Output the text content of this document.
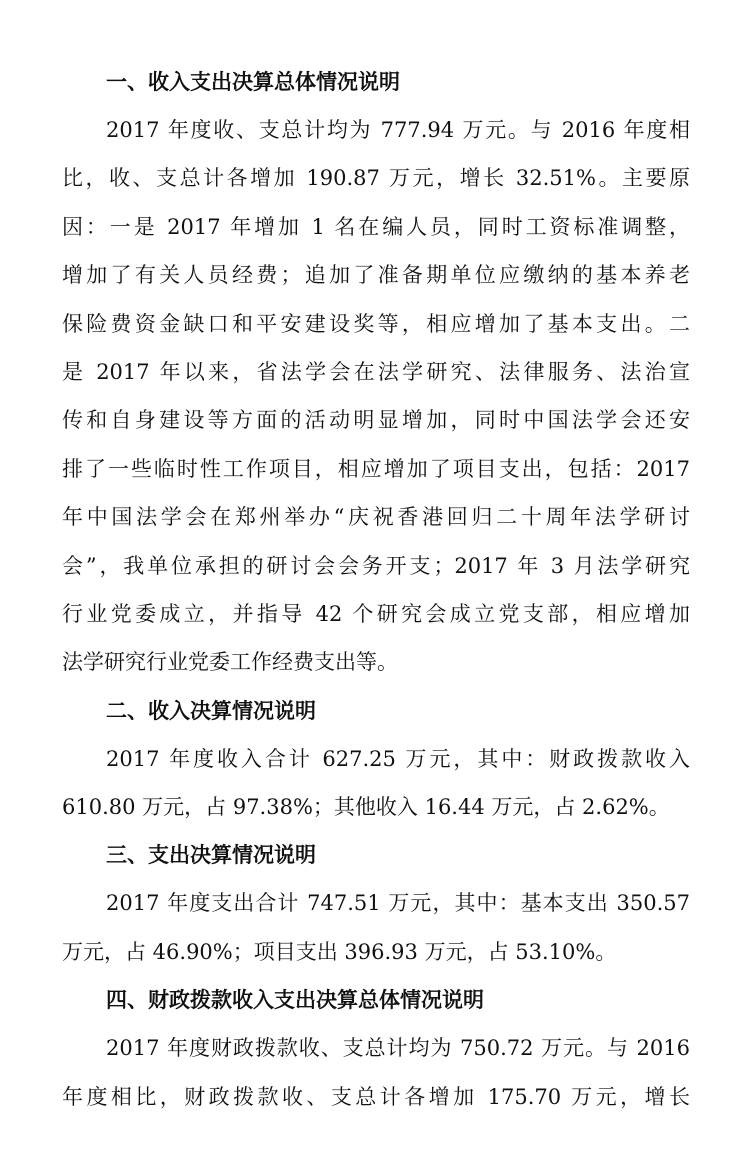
一、收入支出决算总体情况说明
2017 年度收、支总计均为 777.94 万元。与 2016 年度相
比，收、支总计各增加 190.87 万元，增长 32.51%。主要原
因：一是 2017 年增加 1 名在编人员，同时工资标准调整，
增加了有关人员经费；追加了准备期单位应缴纳的基本养老
保险费资金缺口和平安建设奖等，相应增加了基本支出。二
是 2017 年以来，省法学会在法学研究、法律服务、法治宣
传和自身建设等方面的活动明显增加，同时中国法学会还安
排了一些临时性工作项目，相应增加了项目支出，包括：2017
年中国法学会在郑州举办“庆祝香港回归二十周年法学研讨
会”，我单位承担的研讨会会务开支；2017 年 3 月法学研究
行业党委成立，并指导 42 个研究会成立党支部，相应增加
法学研究行业党委工作经费支出等。
二、收入决算情况说明
2017 年度收入合计 627.25 万元，其中：财政拨款收入
610.80 万元，占 97.38%；其他收入 16.44 万元，占 2.62%。
三、支出决算情况说明
2017 年度支出合计 747.51 万元，其中：基本支出 350.57
万元，占 46.90%；项目支出 396.93 万元，占 53.10%。
四、财政拨款收入支出决算总体情况说明
2017 年度财政拨款收、支总计均为 750.72 万元。与 2016
年度相比，财政拨款收、支总计各增加 175.70 万元，增长
